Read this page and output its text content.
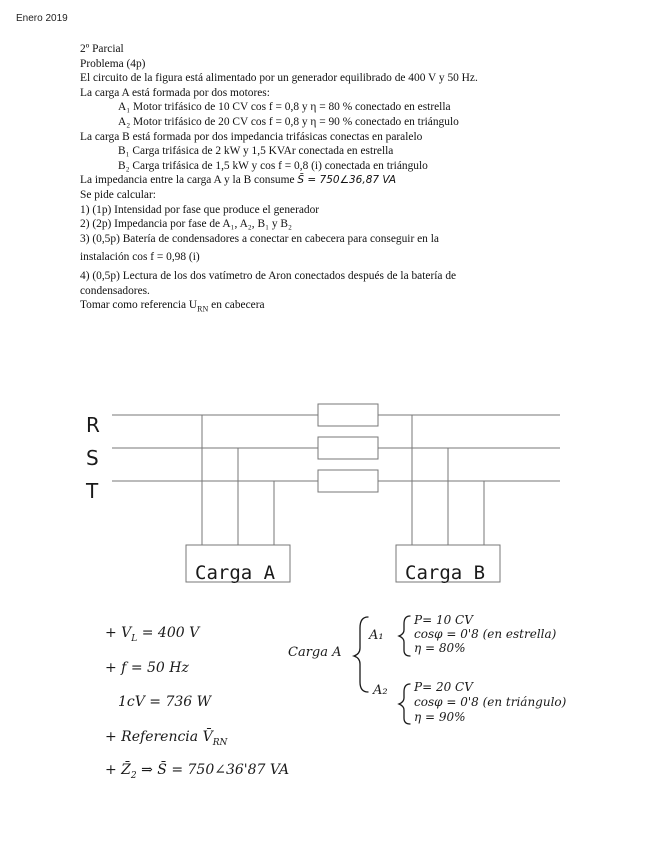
Enero 2019
2º Parcial
Problema (4p)
El circuito de la figura está alimentado por un generador equilibrado de 400 V y 50 Hz.
La carga A está formada por dos motores:
A₁ Motor trifásico de 10 CV cos f = 0,8 y η = 80 % conectado en estrella
A₂ Motor trifásico de 20 CV cos f = 0,8 y η = 90 % conectado en triángulo
La carga B está formada por dos impedancia trifásicas conectas en paralelo
B₁ Carga trifásica de 2 kW y 1,5 KVAr conectada en estrella
B₂ Carga trifásica de 1,5 kW y cos f = 0,8 (i) conectada en triángulo
La impedancia entre la carga A y la B consume S̄ = 750∠36,87 VA
Se pide calcular:
1) (1p) Intensidad por fase que produce el generador
2) (2p) Impedancia por fase de A₁, A₂, B₁ y B₂
3) (0,5p) Batería de condensadores a conectar en cabecera para conseguir en la
instalación cos f = 0,98 (i)
4) (0,5p) Lectura de los dos vatímetro de Aron conectados después de la batería de
condensadores.
Tomar como referencia $U_{RN}$ en cabecera
R
S
T
Carga A	Carga B
+ $V_L = 400$ V
+ f = 50 Hz
1cV = 736 W
+ Referencia $V̄_{RN}$
+ $Z̄_2$ ⇒ S̄ = 750∠36'87 VA
Carga A
A₁
P= 10 CV
cosφ = 0'8 (en estrella)
η = 80%
A₂ P= 20 CV
cosφ = 0'8 (en triángulo)
η = 90%
